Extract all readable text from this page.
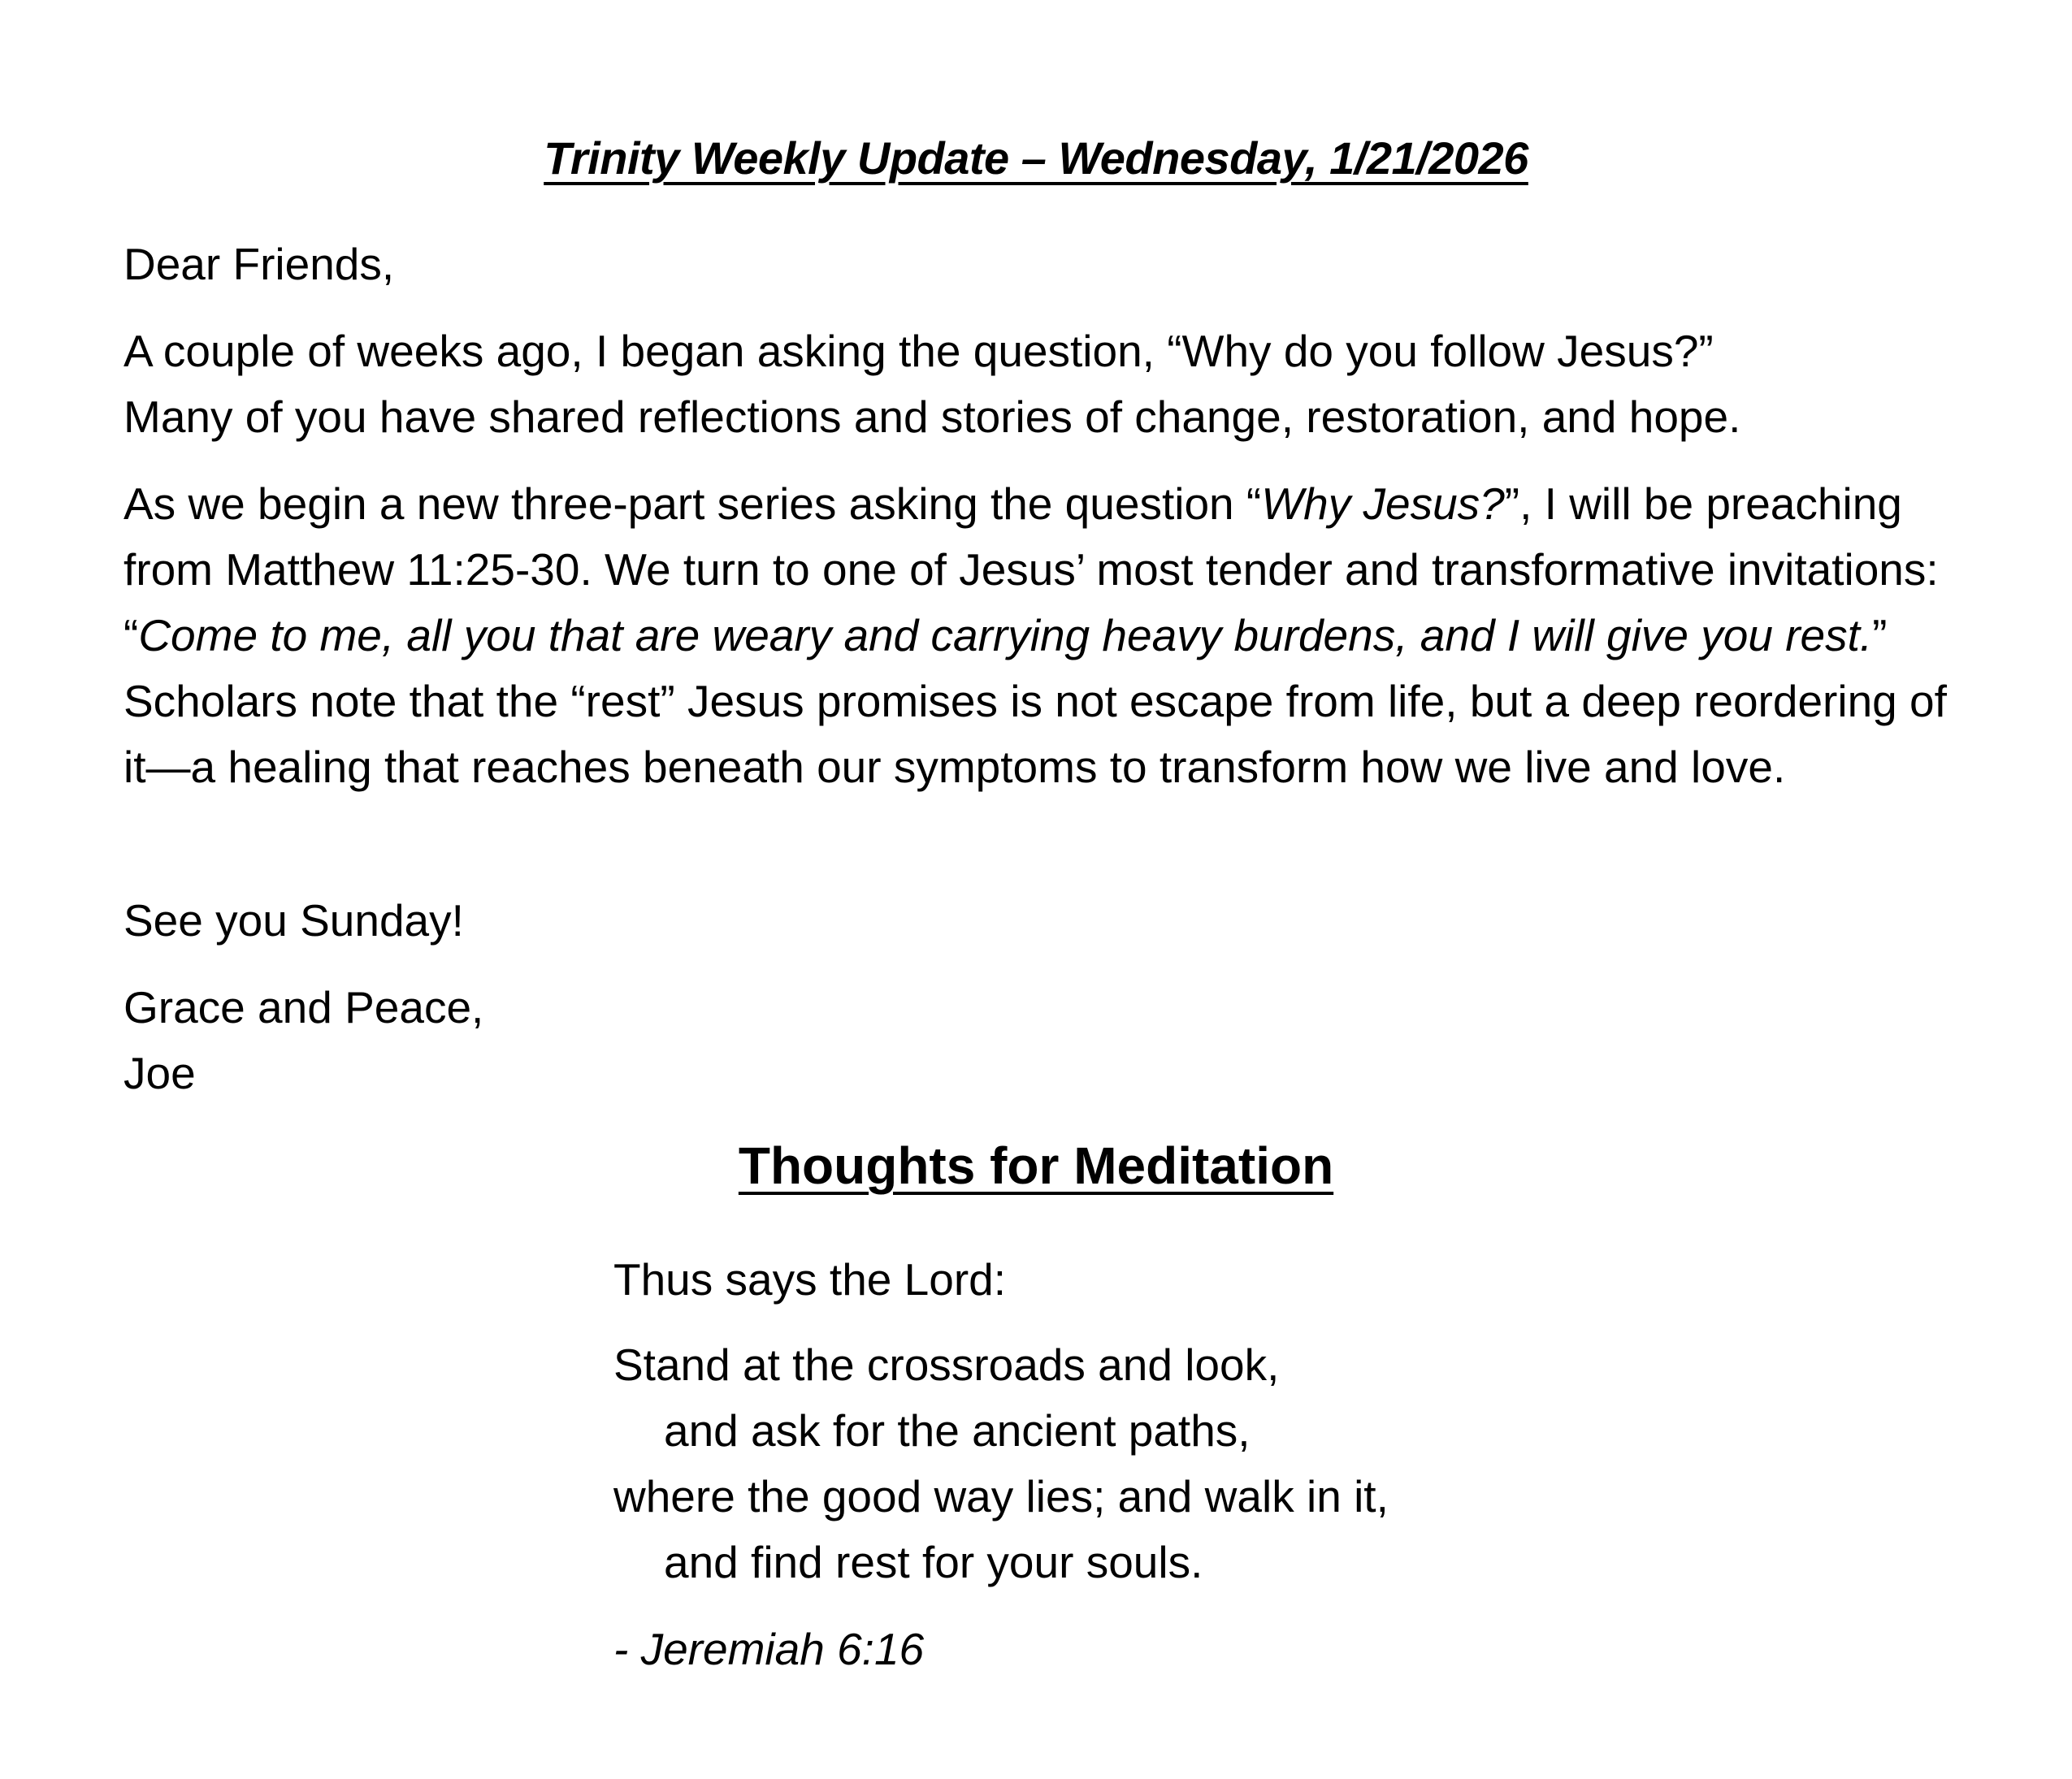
Trinity Weekly Update – Wednesday, 1/21/2026

Dear Friends,

A couple of weeks ago, I began asking the question, “Why do you follow Jesus?”

Many of you have shared reflections and stories of change, restoration, and hope.

As we begin a new three-part series asking the question “Why Jesus?”, I will be preaching from Matthew 11:25-30. We turn to one of Jesus’ most tender and transformative invitations: “Come to me, all you that are weary and carrying heavy burdens, and I will give you rest.” Scholars note that the “rest” Jesus promises is not escape from life, but a deep reordering of it—a healing that reaches beneath our symptoms to transform how we live and love.

See you Sunday!

Grace and Peace,

Joe

Thoughts for Meditation
Thus says the Lord:
Stand at the crossroads and look,
and ask for the ancient paths,
where the good way lies; and walk in it,
and find rest for your souls.
- Jeremiah 6:16
